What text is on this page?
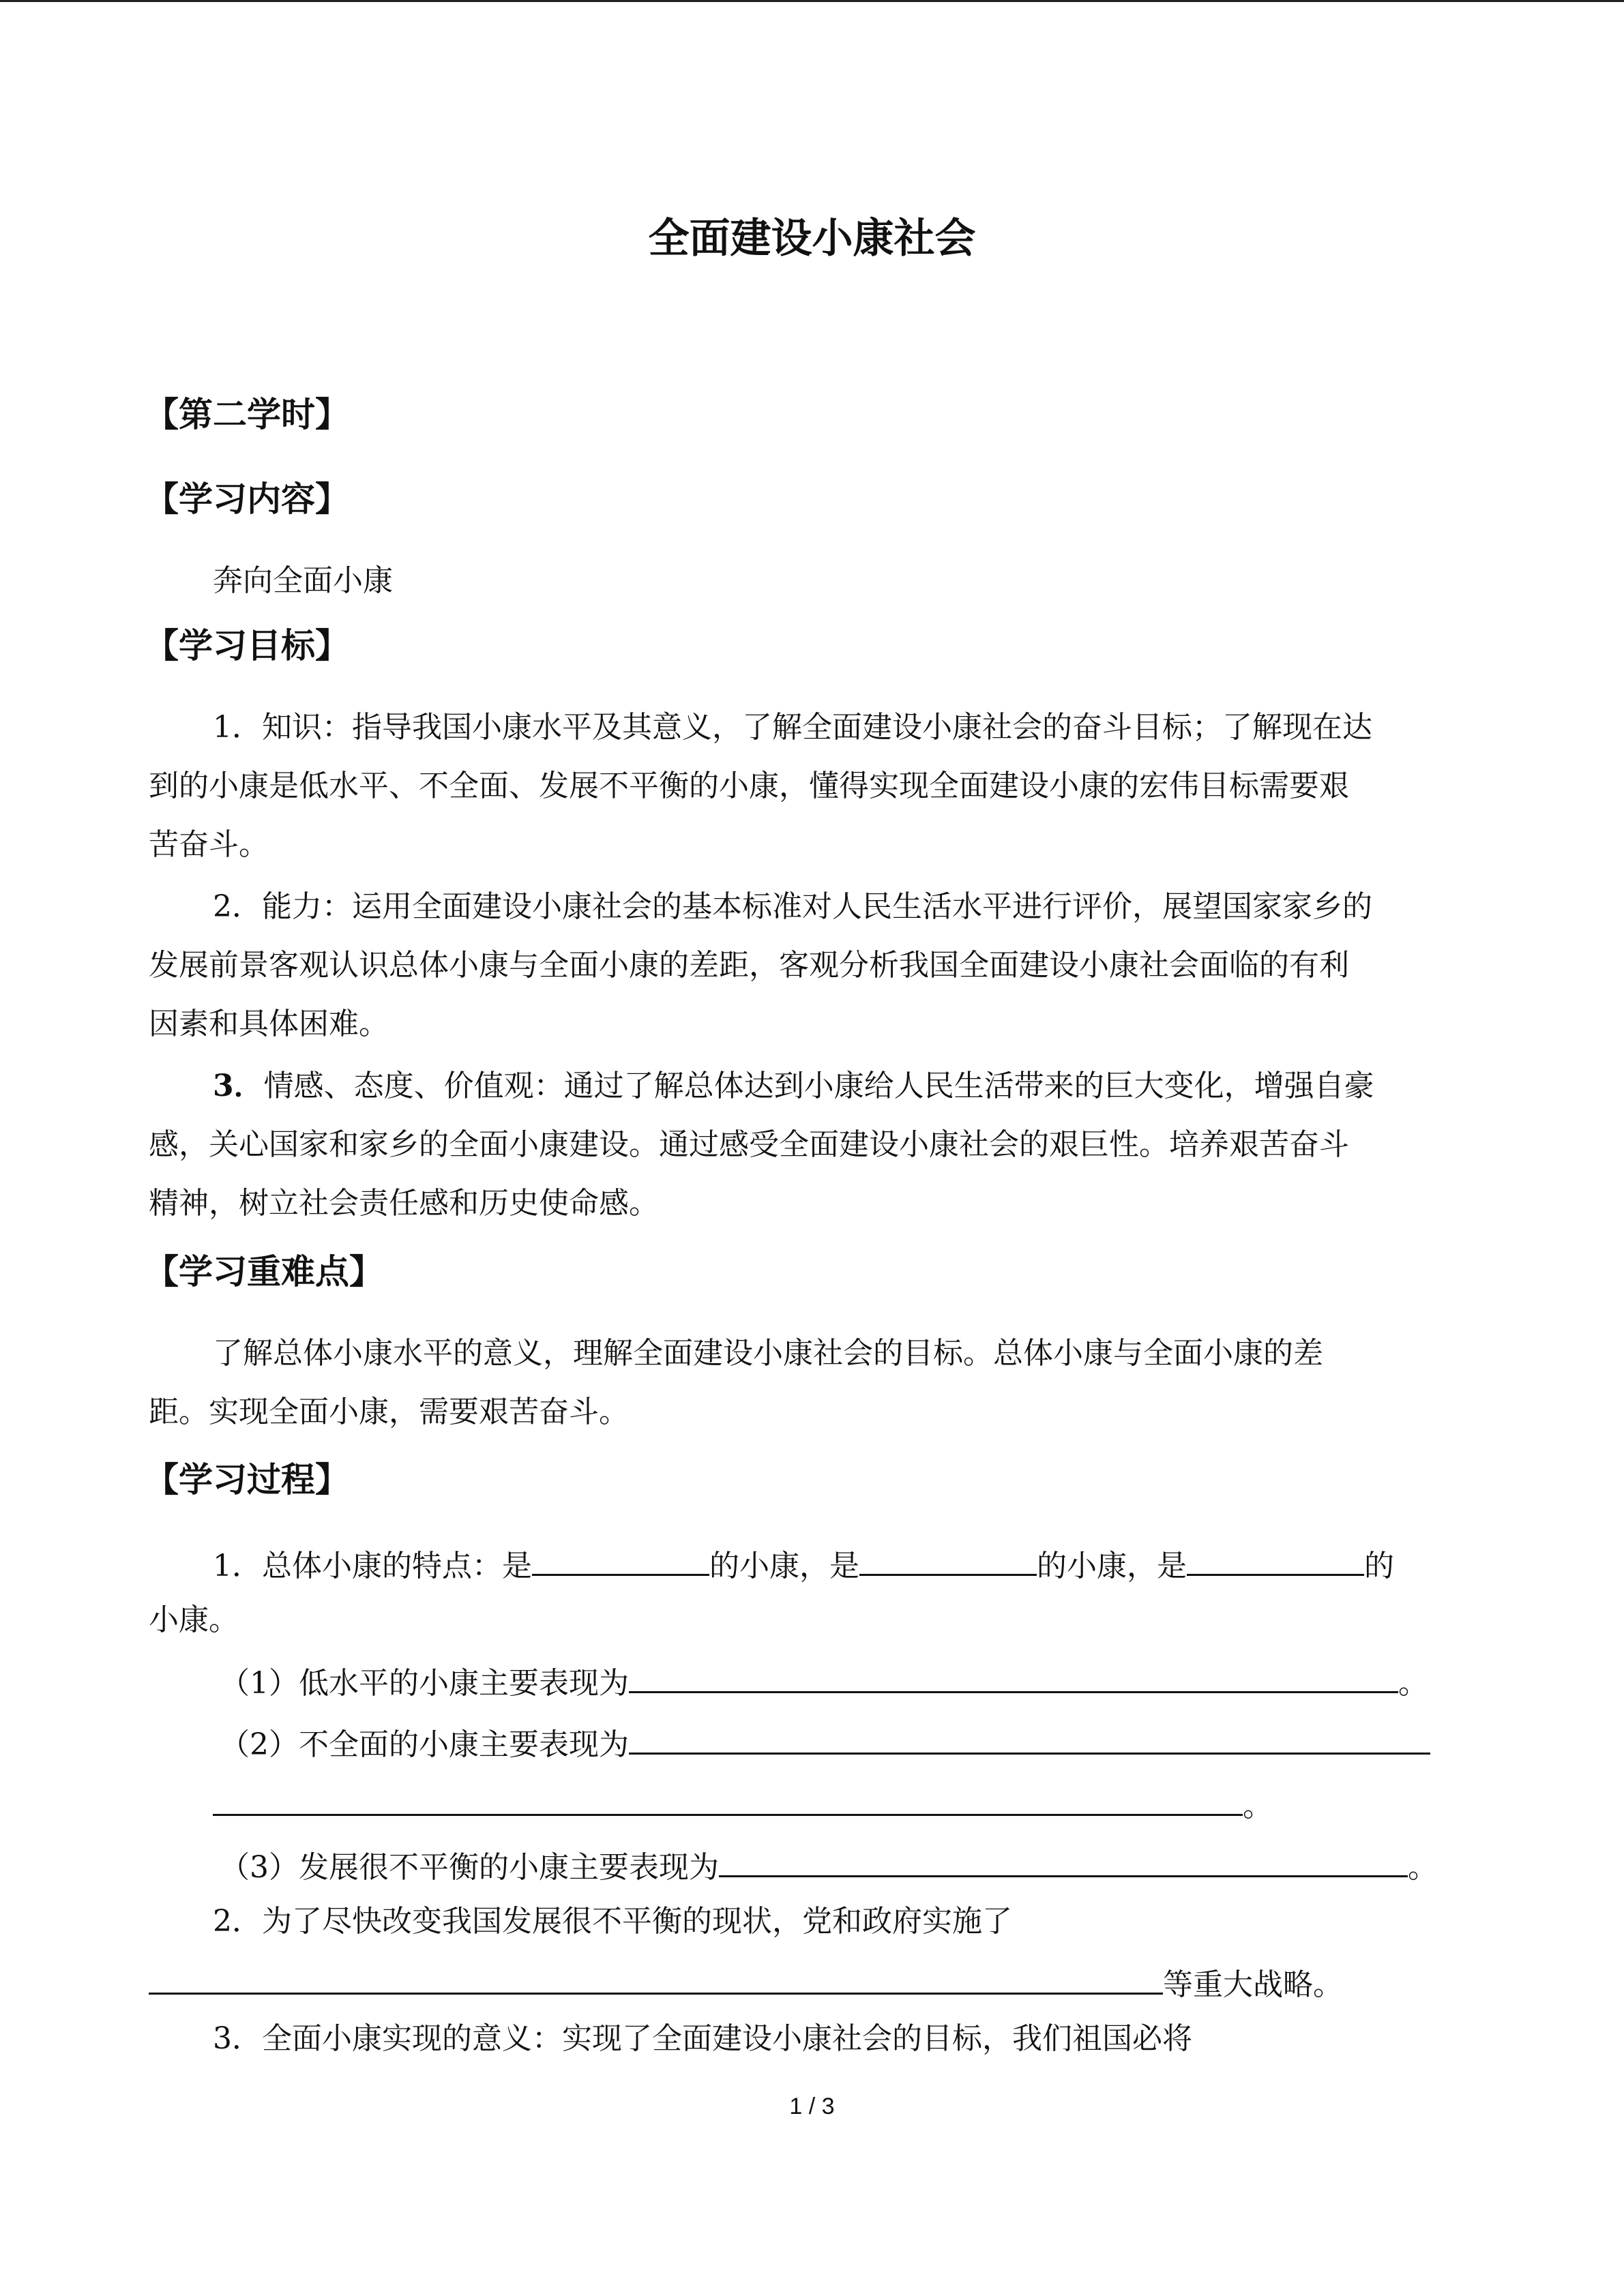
全面建设小康社会
【第二学时】
【学习内容】
奔向全面小康
【学习目标】
1．知识：指导我国小康水平及其意义，了解全面建设小康社会的奋斗目标；了解现在达
到的小康是低水平、不全面、发展不平衡的小康，懂得实现全面建设小康的宏伟目标需要艰
苦奋斗。
2．能力：运用全面建设小康社会的基本标准对人民生活水平进行评价，展望国家家乡的
发展前景客观认识总体小康与全面小康的差距，客观分析我国全面建设小康社会面临的有利
因素和具体困难。
3．情感、态度、价值观：通过了解总体达到小康给人民生活带来的巨大变化，增强自豪
感，关心国家和家乡的全面小康建设。通过感受全面建设小康社会的艰巨性。培养艰苦奋斗
精神，树立社会责任感和历史使命感。
【学习重难点】
了解总体小康水平的意义，理解全面建设小康社会的目标。总体小康与全面小康的差
距。实现全面小康，需要艰苦奋斗。
【学习过程】
1．总体小康的特点：是	的小康，是	的小康，是	的
小康。
（1）低水平的小康主要表现为	。
（2）不全面的小康主要表现为
。
（3）发展很不平衡的小康主要表现为	。
2．为了尽快改变我国发展很不平衡的现状，党和政府实施了
等重大战略。
3．全面小康实现的意义：实现了全面建设小康社会的目标，我们祖国必将
1 / 3
